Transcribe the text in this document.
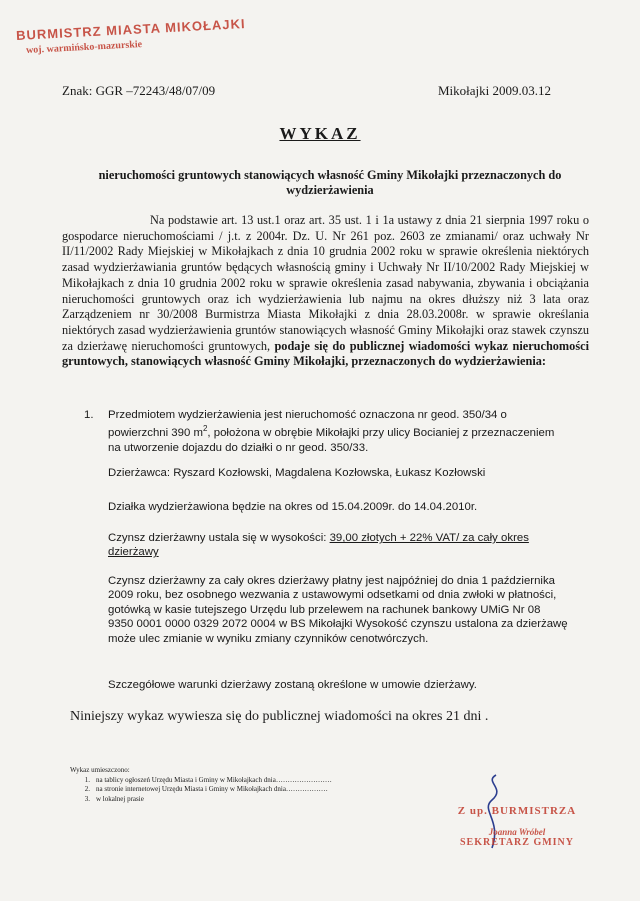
BURMISTRZ MIASTA MIKOŁAJKI
woj. warmińsko-mazurskie
Znak: GGR –72243/48/07/09	Mikołajki 2009.03.12
WYKAZ
nieruchomości gruntowych stanowiących własność Gminy Mikołajki przeznaczonych do wydzierżawienia
Na podstawie art. 13 ust.1 oraz art. 35 ust. 1 i 1a ustawy z dnia 21 sierpnia 1997 roku o gospodarce nieruchomościami / j.t. z 2004r. Dz. U. Nr 261 poz. 2603 ze zmianami/ oraz uchwały Nr II/11/2002 Rady Miejskiej w Mikołajkach z dnia 10 grudnia 2002 roku w sprawie określenia niektórych zasad wydzierżawiania gruntów będących własnością gminy i Uchwały Nr II/10/2002 Rady Miejskiej w Mikołajkach z dnia 10 grudnia 2002 roku w sprawie określenia zasad nabywania, zbywania i obciążania nieruchomości gruntowych oraz ich wydzierżawienia lub najmu na okres dłuższy niż 3 lata oraz Zarządzeniem nr 30/2008 Burmistrza Miasta Mikołajki z dnia 28.03.2008r. w sprawie określania niektórych zasad wydzierżawienia gruntów stanowiących własność Gminy Mikołajki oraz stawek czynszu za dzierżawę nieruchomości gruntowych, podaje się do publicznej wiadomości wykaz nieruchomości gruntowych, stanowiących własność Gminy Mikołajki, przeznaczonych do wydzierżawienia:
1.	Przedmiotem wydzierżawienia jest nieruchomość oznaczona nr geod. 350/34 o powierzchni 390 $m^2$, położona w obrębie Mikołajki przy ulicy Bocianiej z przeznaczeniem na utworzenie dojazdu do działki o nr geod. 350/33.
Dzierżawca: Ryszard Kozłowski, Magdalena Kozłowska, Łukasz Kozłowski
Działka wydzierżawiona będzie na okres od 15.04.2009r. do 14.04.2010r.
Czynsz dzierżawny ustala się w wysokości: 39,00 złotych + 22% VAT/ za cały okres dzierżawy
Czynsz dzierżawny za cały okres dzierżawy płatny jest najpóźniej do dnia 1 października 2009 roku, bez osobnego wezwania z ustawowymi odsetkami od dnia zwłoki w płatności, gotówką w kasie tutejszego Urzędu lub przelewem na rachunek bankowy UMiG Nr 08 9350 0001 0000 0329 2072 0004 w BS Mikołajki Wysokość czynszu ustalona za dzierżawę może ulec zmianie w wyniku zmiany czynników cenotwórczych.
Szczegółowe warunki dzierżawy zostaną określone w umowie dzierżawy.
Niniejszy wykaz wywiesza się do publicznej wiadomości na okres 21 dni .
Wykaz umieszczono:
1. na tablicy ogłoszeń Urzędu Miasta i Gminy w Mikołajkach dnia……………………
2. na stronie internetowej Urzędu Miasta i Gminy w Mikołajkach dnia………………
3. w lokalnej prasie
Z up. BURMISTRZA
Joanna Wróbel
SEKRETARZ GMINY
